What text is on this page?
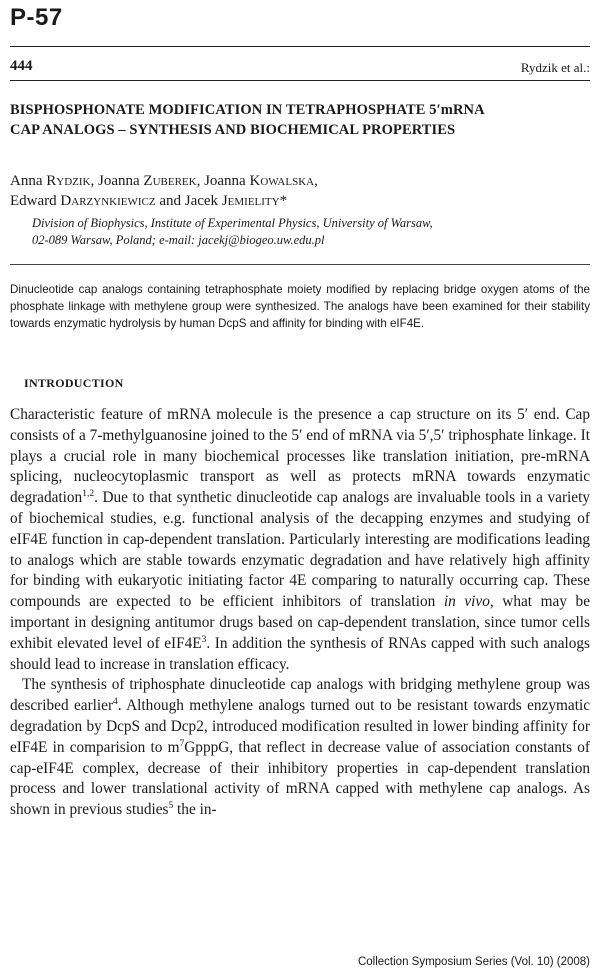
P-57
444	Rydzik et al.:
BISPHOSPHONATE MODIFICATION IN TETRAPHOSPHATE 5′mRNA
CAP ANALOGS – SYNTHESIS AND BIOCHEMICAL PROPERTIES

Anna Rydzik, Joanna Zuberek, Joanna Kowalska,
Edward Darzynkiewicz and Jacek Jemielity*

Division of Biophysics, Institute of Experimental Physics, University of Warsaw,
02-089 Warsaw, Poland; e-mail: jacekj@biogeo.uw.edu.pl

Dinucleotide cap analogs containing tetraphosphate moiety modified by replacing bridge oxygen atoms of the phosphate linkage with methylene group were synthesized. The analogs have been examined for their stability towards enzymatic hydrolysis by human DcpS and affinity for binding with eIF4E.

INTRODUCTION

Characteristic feature of mRNA molecule is the presence a cap structure on its 5′ end. Cap consists of a 7-methylguanosine joined to the 5′ end of mRNA via 5′,5′ triphosphate linkage. It plays a crucial role in many biochemical processes like translation initiation, pre-mRNA splicing, nucleocytoplasmic transport as well as protects mRNA towards enzymatic degradation$^{1,2}$. Due to that synthetic dinucleotide cap analogs are invaluable tools in a variety of biochemical studies, e.g. functional analysis of the decapping enzymes and studying of eIF4E function in cap-dependent translation. Particularly interesting are modifications leading to analogs which are stable towards enzymatic degradation and have relatively high affinity for binding with eukaryotic initiating factor 4E comparing to naturally occurring cap. These compounds are expected to be efficient inhibitors of translation in vivo, what may be important in designing antitumor drugs based on cap-dependent translation, since tumor cells exhibit elevated level of $eIF4E^3$. In addition the synthesis of RNAs capped with such analogs should lead to increase in translation efficacy.

The synthesis of triphosphate dinucleotide cap analogs with bridging methylene group was described earlier$^4$. Although methylene analogs turned out to be resistant towards enzymatic degradation by DcpS and Dcp2, introduced modification resulted in lower binding affinity for eIF4E in comparision to $m^7GpppG$, that reflect in decrease value of association constants of cap-eIF4E complex, decrease of their inhibitory properties in cap-dependent translation process and lower translational activity of mRNA capped with methylene cap analogs. As shown in previous studies$^5$ the in-

Collection Symposium Series (Vol. 10) (2008)
